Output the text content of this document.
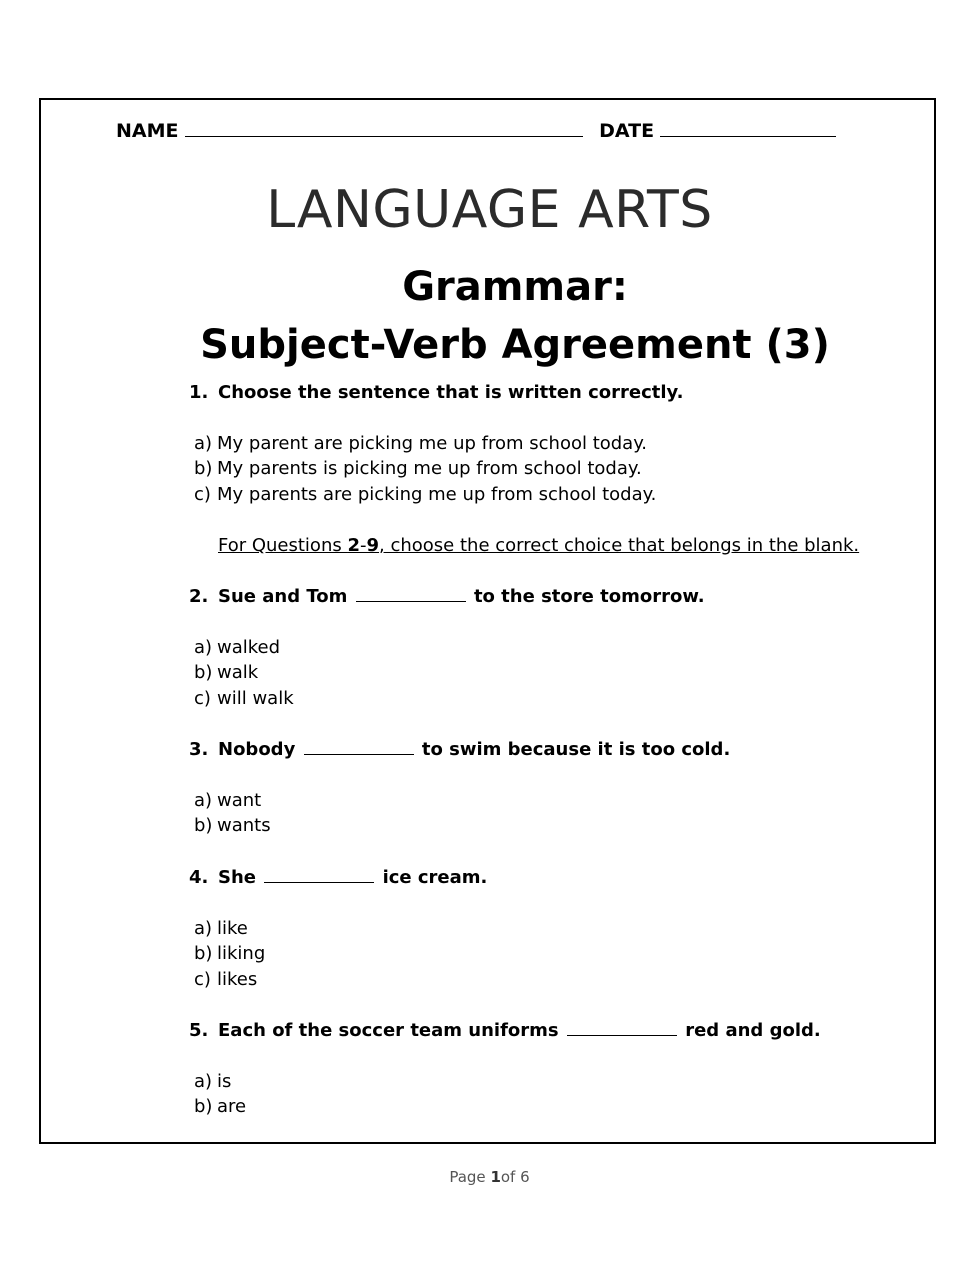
NAME	DATE
LANGUAGE ARTS
Grammar:
Subject-Verb Agreement (3)
1. Choose the sentence that is written correctly.
a) My parent are picking me up from school today.
b) My parents is picking me up from school today.
c) My parents are picking me up from school today.
For Questions 2-9, choose the correct choice that belongs in the blank.
2. Sue and Tom	to the store tomorrow.
a) walked
b) walk
c) will walk
3. Nobody	to swim because it is too cold.
a) want
b) wants
4. She	ice cream.
a) like
b) liking
c) likes
5. Each of the soccer team uniforms	red and gold.
a) is
b) are
Page 1of 6
